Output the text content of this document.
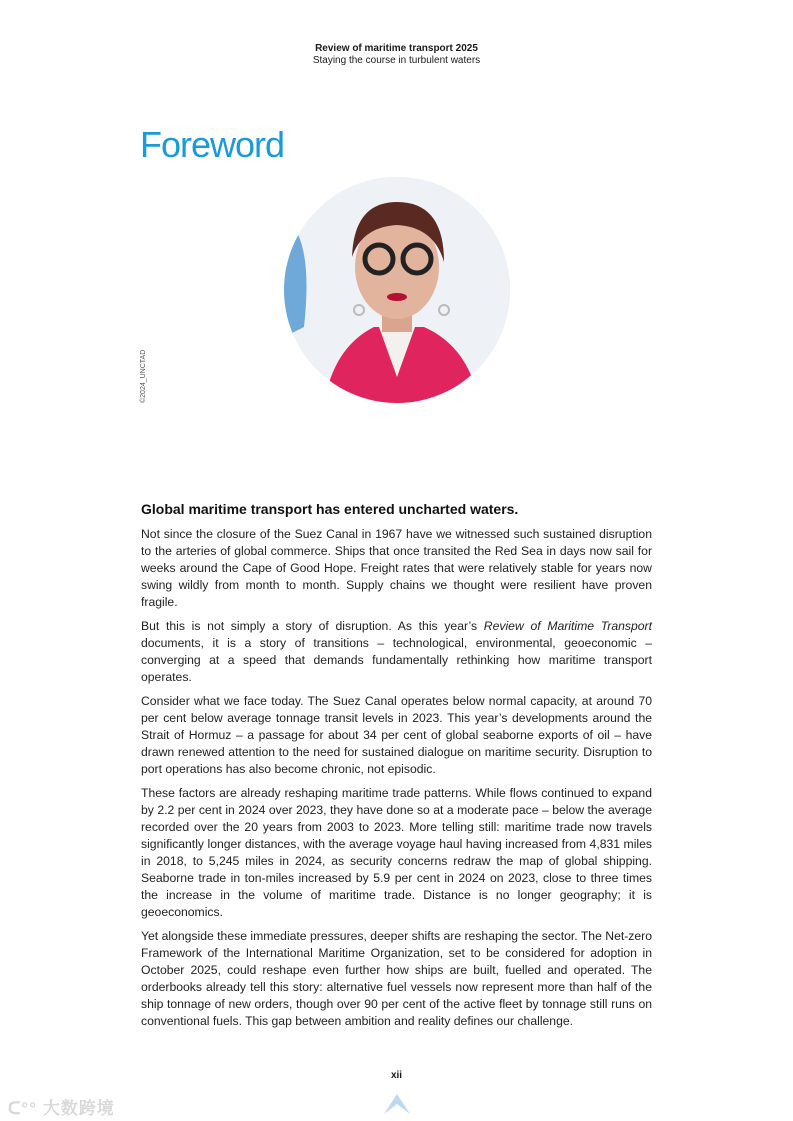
Review of maritime transport 2025
Staying the course in turbulent waters
Foreword
©2024_UNCTAD
Global maritime transport has entered uncharted waters.

Not since the closure of the Suez Canal in 1967 have we witnessed such sustained disruption to the arteries of global commerce. Ships that once transited the Red Sea in days now sail for weeks around the Cape of Good Hope. Freight rates that were relatively stable for years now swing wildly from month to month. Supply chains we thought were resilient have proven fragile.

But this is not simply a story of disruption. As this year’s Review of Maritime Transport documents, it is a story of transitions – technological, environmental, geoeconomic – converging at a speed that demands fundamentally rethinking how maritime transport operates.

Consider what we face today. The Suez Canal operates below normal capacity, at around 70 per cent below average tonnage transit levels in 2023. This year’s developments around the Strait of Hormuz – a passage for about 34 per cent of global seaborne exports of oil – have drawn renewed attention to the need for sustained dialogue on maritime security. Disruption to port operations has also become chronic, not episodic.

These factors are already reshaping maritime trade patterns. While flows continued to expand by 2.2 per cent in 2024 over 2023, they have done so at a moderate pace – below the average recorded over the 20 years from 2003 to 2023. More telling still: maritime trade now travels significantly longer distances, with the average voyage haul having increased from 4,831 miles in 2018, to 5,245 miles in 2024, as security concerns redraw the map of global shipping. Seaborne trade in ton-miles increased by 5.9 per cent in 2024 on 2023, close to three times the increase in the volume of maritime trade. Distance is no longer geography; it is geoeconomics.

Yet alongside these immediate pressures, deeper shifts are reshaping the sector. The Net-zero Framework of the International Maritime Organization, set to be considered for adoption in October 2025, could reshape even further how ships are built, fuelled and operated. The orderbooks already tell this story: alternative fuel vessels now represent more than half of the ship tonnage of new orders, though over 90 per cent of the active fleet by tonnage still runs on conventional fuels. This gap between ambition and reality defines our challenge.

xii
ᑕ°° 大数跨境
